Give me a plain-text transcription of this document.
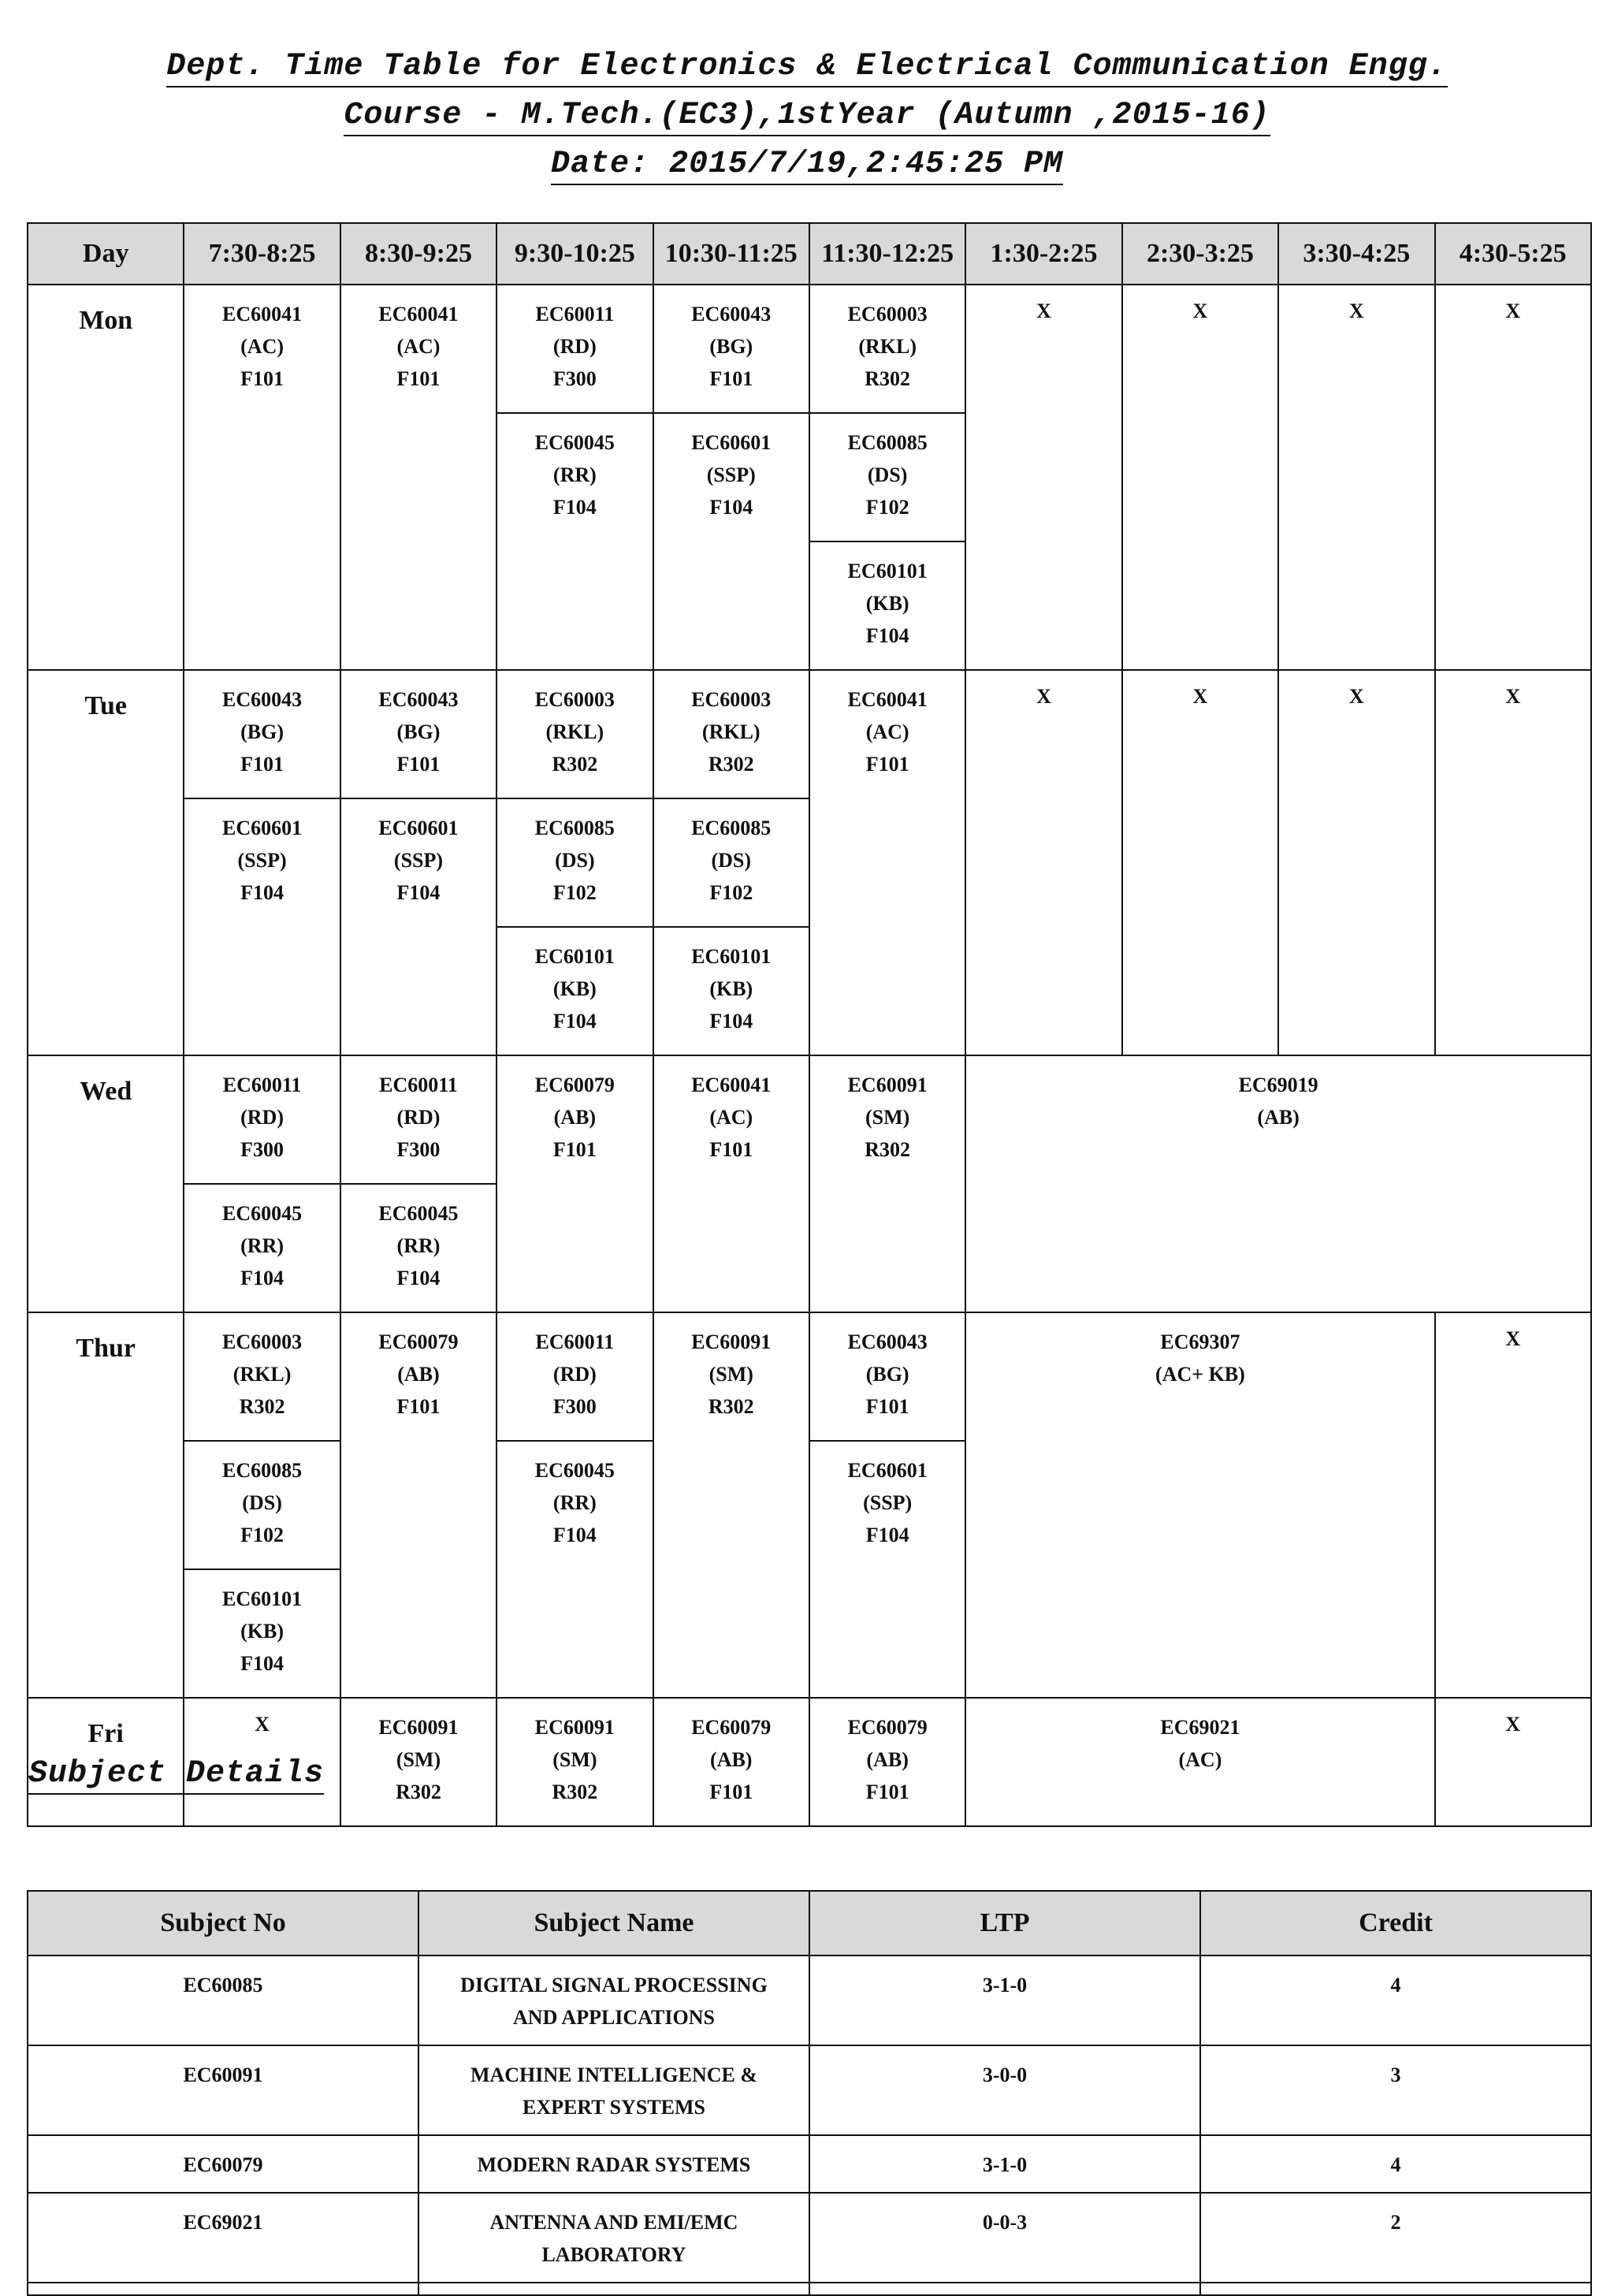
Dept. Time Table for Electronics & Electrical Communication Engg.
Course - M.Tech.(EC3),1stYear (Autumn ,2015-16)
Date: 2015/7/19,2:45:25 PM
Day	7:30-8:25	8:30-9:25	9:30-10:25	10:30-11:25	11:30-12:25	1:30-2:25	2:30-3:25	3:30-4:25	4:30-5:25
Mon	EC60041
(AC)
F101	EC60041
(AC)
F101	EC60011
(RD)
F300	EC60043
(BG)
F101	EC60003
(RKL)
R302	X	X	X	X
			EC60045
(RR)
F104	EC60601
(SSP)
F104	EC60085
(DS)
F102				
					EC60101
(KB)
F104				
Tue	EC60043
(BG)
F101	EC60043
(BG)
F101	EC60003
(RKL)
R302	EC60003
(RKL)
R302	EC60041
(AC)
F101	X	X	X	X
	EC60601
(SSP)
F104	EC60601
(SSP)
F104	EC60085
(DS)
F102	EC60085
(DS)
F102					
			EC60101
(KB)
F104	EC60101
(KB)
F104					
Wed	EC60011
(RD)
F300	EC60011
(RD)
F300	EC60079
(AB)
F101	EC60041
(AC)
F101	EC60091
(SM)
R302	EC69019
(AB)			
	EC60045
(RR)
F104	EC60045
(RR)
F104							
Thur	EC60003
(RKL)
R302	EC60079
(AB)
F101	EC60011
(RD)
F300	EC60091
(SM)
R302	EC60043
(BG)
F101	EC69307
(AC+ KB)			X
	EC60085
(DS)
F102		EC60045
(RR)
F104		EC60601
(SSP)
F104				
	EC60101
(KB)
F104								
Fri	X	EC60091
(SM)
R302	EC60091
(SM)
R302	EC60079
(AB)
F101	EC60079
(AB)
F101	EC69021
(AC)			X
Subject Details
Subject No	Subject Name	LTP	Credit
EC60085	DIGITAL SIGNAL PROCESSING
AND APPLICATIONS	3-1-0	4
EC60091	MACHINE INTELLIGENCE &
EXPERT SYSTEMS	3-0-0	3
EC60079	MODERN RADAR SYSTEMS	3-1-0	4
EC69021	ANTENNA AND EMI/EMC
LABORATORY	0-0-3	2
